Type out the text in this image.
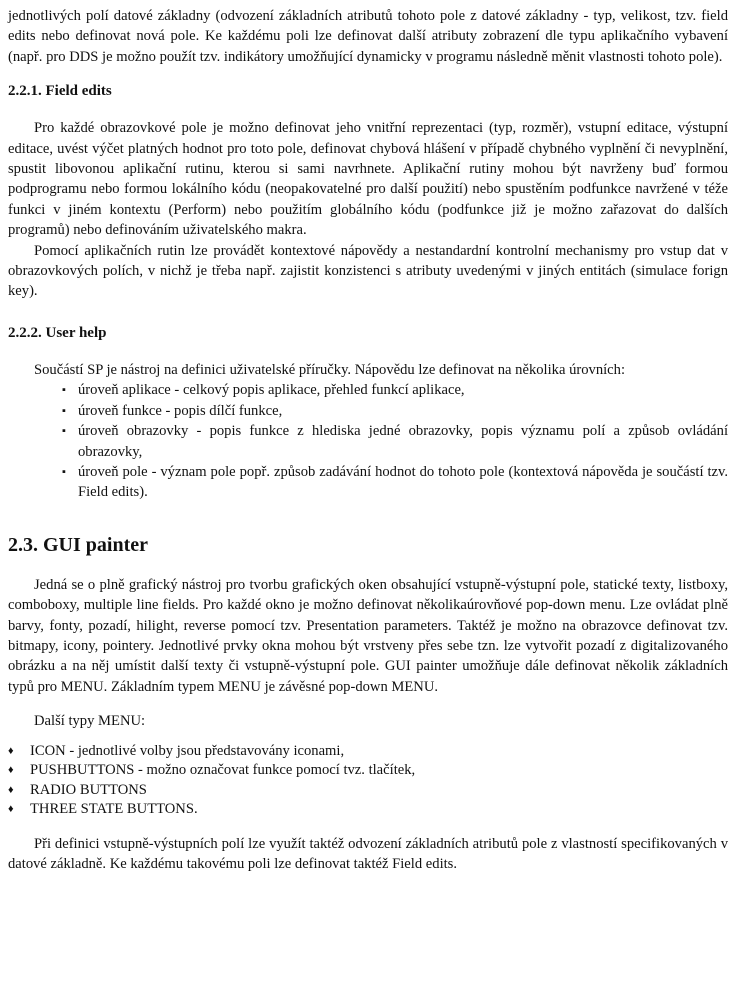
jednotlivých polí datové základny (odvození základních atributů tohoto pole z datové základny - typ, velikost, tzv. field edits nebo definovat nová pole. Ke každému poli lze definovat další atributy zobrazení dle typu aplikačního vybavení (např. pro DDS je možno použít tzv. indikátory umožňující dynamicky v programu následně měnit vlastnosti tohoto pole).

2.2.1. Field edits

Pro každé obrazovkové pole je možno definovat jeho vnitřní reprezentaci (typ, rozměr), vstupní editace, výstupní editace, uvést výčet platných hodnot pro toto pole, definovat chybová hlášení v případě chybného vyplnění či nevyplnění, spustit libovonou aplikační rutinu, kterou si sami navrhnete. Aplikační rutiny mohou být navrženy buď formou podprogramu nebo formou lokálního kódu (neopakovatelné pro další použití) nebo spustěním podfunkce navržené v téže funkci v jiném kontextu (Perform) nebo použitím globálního kódu (podfunkce již je možno zařazovat do dalších programů) nebo definováním uživatelského makra.

Pomocí aplikačních rutin lze provádět kontextové nápovědy a nestandardní kontrolní mechanismy pro vstup dat v obrazovkových polích, v nichž je třeba např. zajistit konzistenci s atributy uvedenými v jiných entitách (simulace forign key).

2.2.2. User help

Součástí SP je nástroj na definici uživatelské příručky. Nápovědu lze definovat na několika úrovních:

▪ úroveň aplikace - celkový popis aplikace, přehled funkcí aplikace,
▪ úroveň funkce - popis dílčí funkce,
▪ úroveň obrazovky - popis funkce z hlediska jedné obrazovky, popis významu polí a způsob ovládání obrazovky,
▪ úroveň pole - význam pole popř. způsob zadávání hodnot do tohoto pole (kontextová nápověda je součástí tzv. Field edits).
2.3. GUI painter

Jedná se o plně grafický nástroj pro tvorbu grafických oken obsahující vstupně-výstupní pole, statické texty, listboxy, comboboxy, multiple line fields. Pro každé okno je možno definovat několikaúrovňové pop-down menu. Lze ovládat plně barvy, fonty, pozadí, hilight, reverse pomocí tzv. Presentation parameters. Taktéž je možno na obrazovce definovat tzv. bitmapy, icony, pointery. Jednotlivé prvky okna mohou být vrstveny přes sebe tzn. lze vytvořit pozadí z digitalizovaného obrázku a na něj umístit další texty či vstupně-výstupní pole. GUI painter umožňuje dále definovat několik základních typů pro MENU. Základním typem MENU je závěsné pop-down MENU.

Další typy MENU:

♦ ICON - jednotlivé volby jsou představovány iconami,
♦ PUSHBUTTONS - možno označovat funkce pomocí tvz. tlačítek,
♦ RADIO BUTTONS
♦ THREE STATE BUTTONS.

Při definici vstupně-výstupních polí lze využít taktéž odvození základních atributů pole z vlastností specifikovaných v datové základně. Ke každému takovému poli lze definovat taktéž Field edits.
